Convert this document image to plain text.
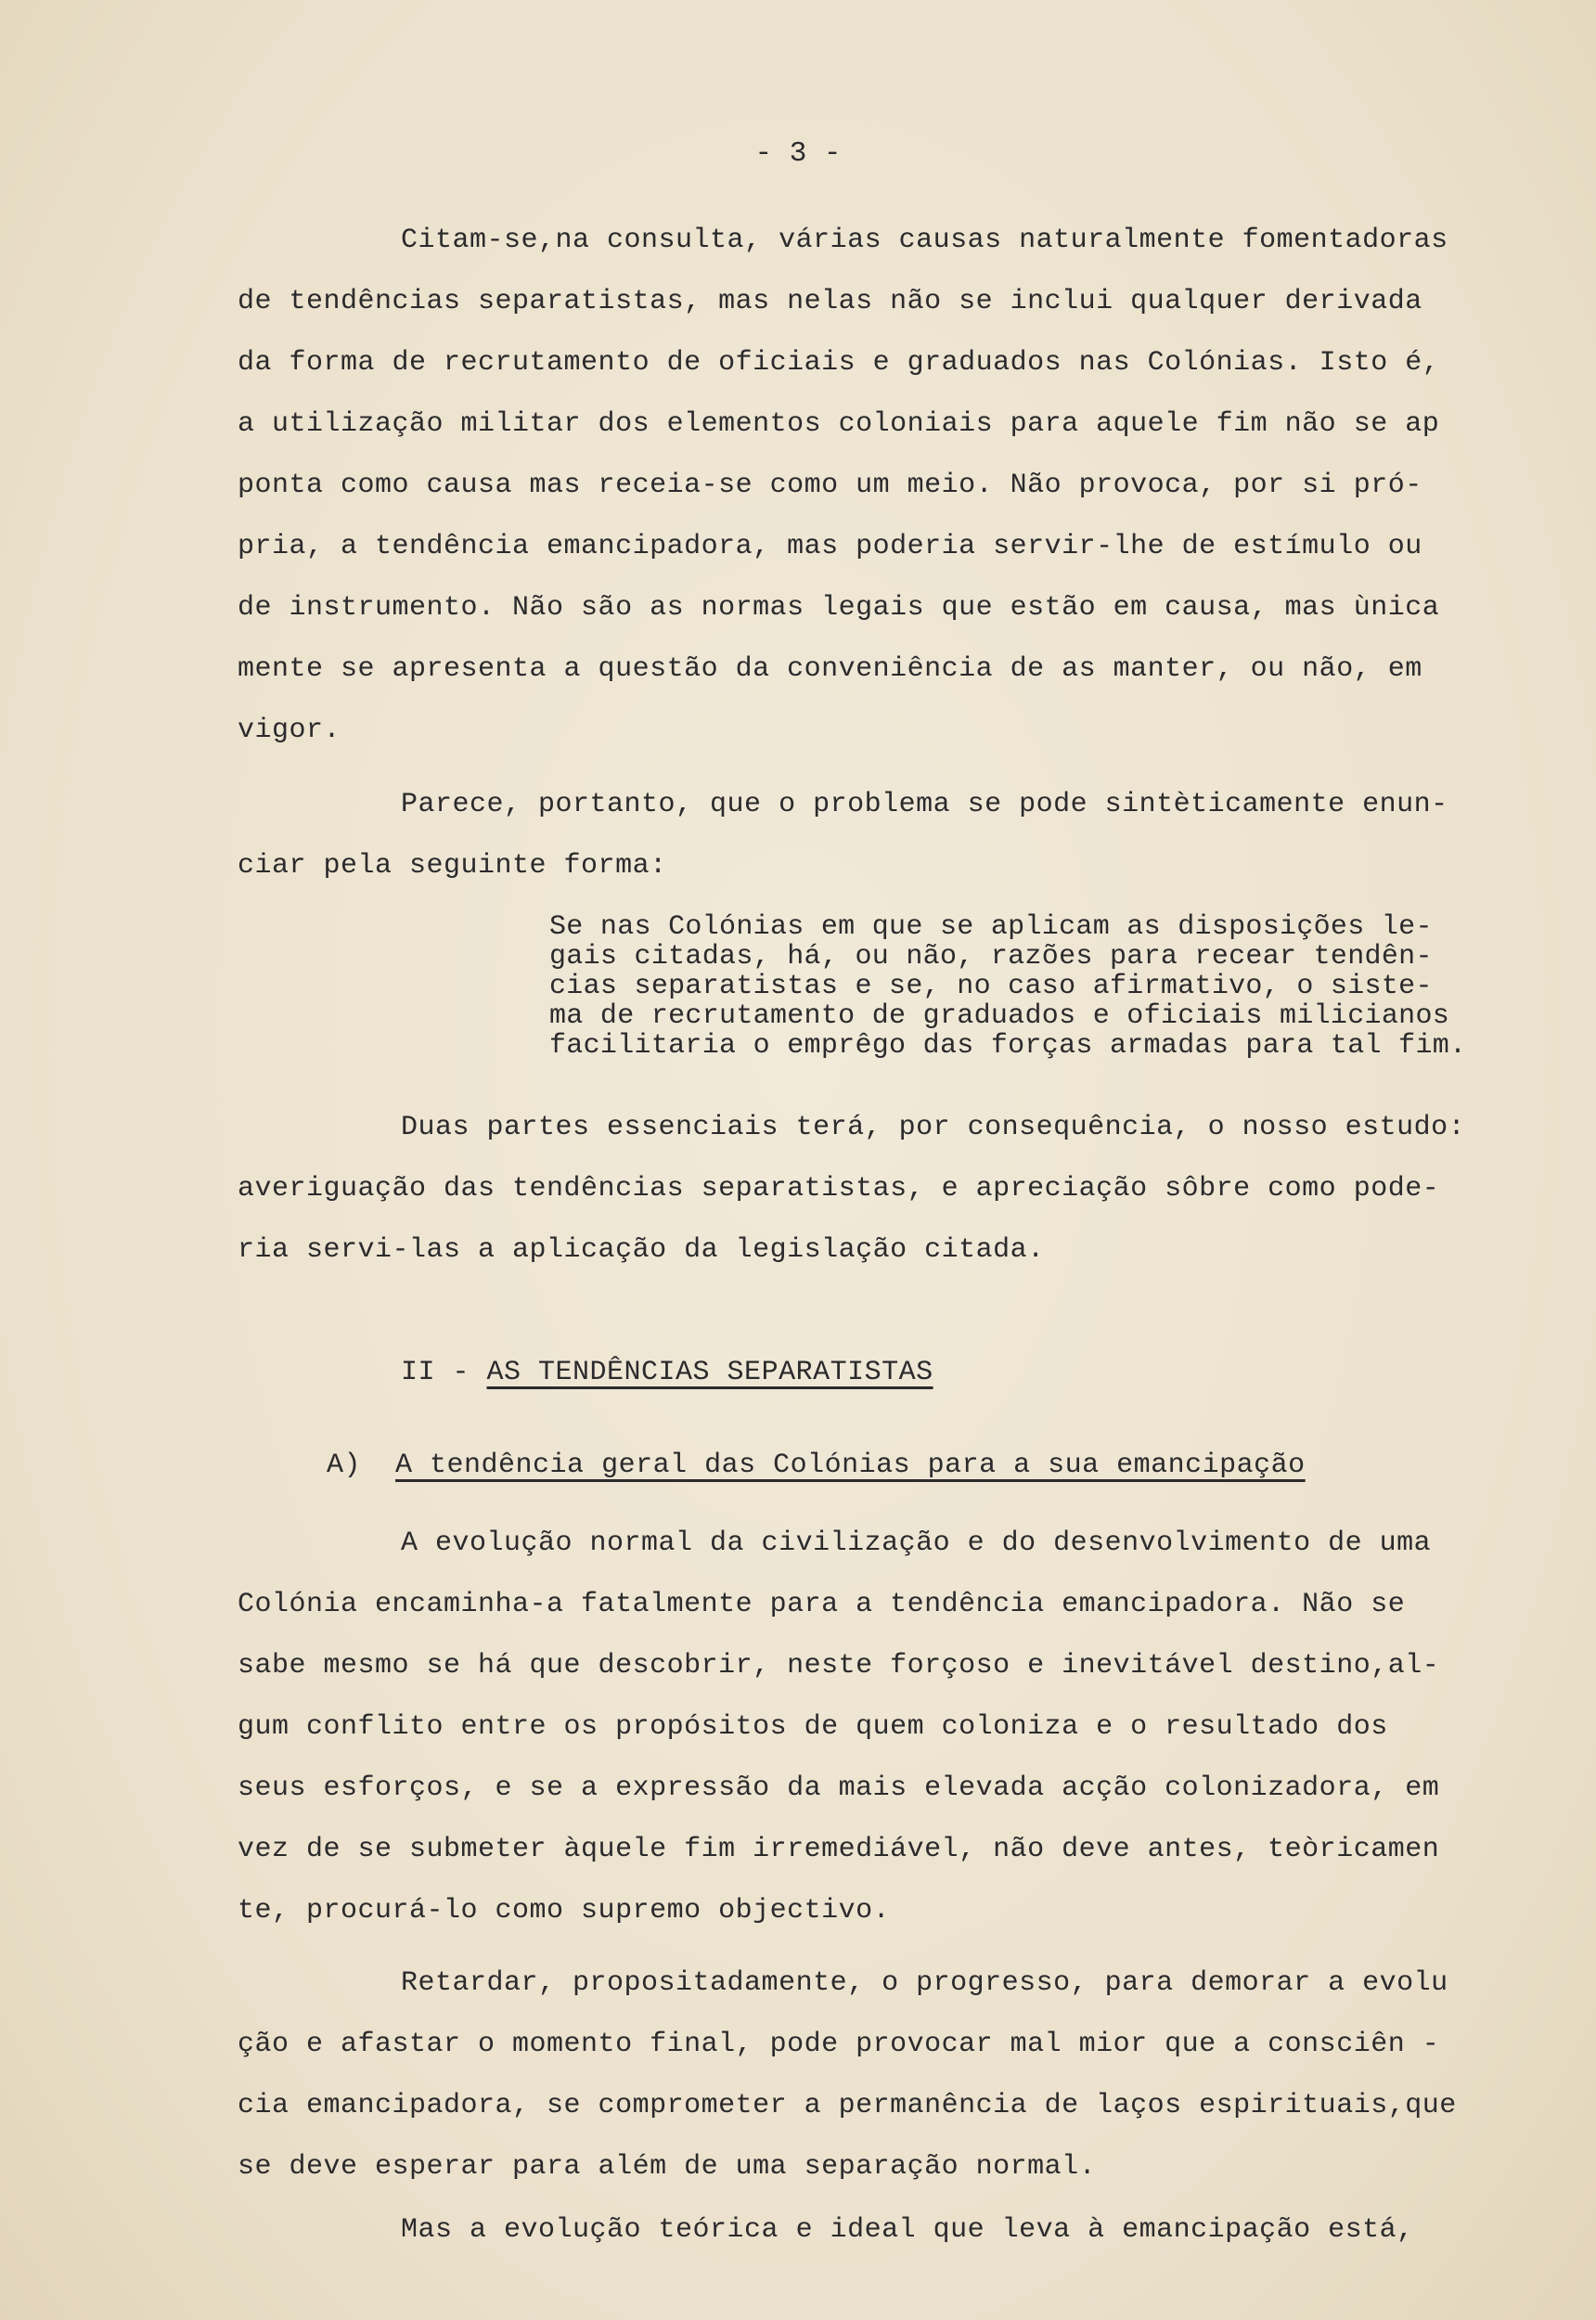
- 3 -
Citam-se,na consulta, várias causas naturalmente fomentadoras
de tendências separatistas, mas nelas não se inclui qualquer derivada
da forma de recrutamento de oficiais e graduados nas Colónias. Isto é,
a utilização militar dos elementos coloniais para aquele fim não se ap
ponta como causa mas receia-se como um meio. Não provoca, por si pró-
pria, a tendência emancipadora, mas poderia servir-lhe de estímulo ou
de instrumento. Não são as normas legais que estão em causa, mas ùnica
mente se apresenta a questão da conveniência de as manter, ou não, em
vigor.
Parece, portanto, que o problema se pode sintèticamente enun-
ciar pela seguinte forma:
Se nas Colónias em que se aplicam as disposições le-
gais citadas, há, ou não, razões para recear tendên-
cias separatistas e se, no caso afirmativo, o siste-
ma de recrutamento de graduados e oficiais milicianos
facilitaria o emprêgo das forças armadas para tal fim.
Duas partes essenciais terá, por consequência, o nosso estudo:
averiguação das tendências separatistas, e apreciação sôbre como pode-
ria servi-las a aplicação da legislação citada.
II - AS TENDÊNCIAS SEPARATISTAS
A) A tendência geral das Colónias para a sua emancipação
A evolução normal da civilização e do desenvolvimento de uma
Colónia encaminha-a fatalmente para a tendência emancipadora. Não se
sabe mesmo se há que descobrir, neste forçoso e inevitável destino,al-
gum conflito entre os propósitos de quem coloniza e o resultado dos
seus esforços, e se a expressão da mais elevada acção colonizadora, em
vez de se submeter àquele fim irremediável, não deve antes, teòricamen
te, procurá-lo como supremo objectivo.
Retardar, propositadamente, o progresso, para demorar a evolu
ção e afastar o momento final, pode provocar mal mior que a consciên -
cia emancipadora, se comprometer a permanência de laços espirituais,que
se deve esperar para além de uma separação normal.
Mas a evolução teórica e ideal que leva à emancipação está,
